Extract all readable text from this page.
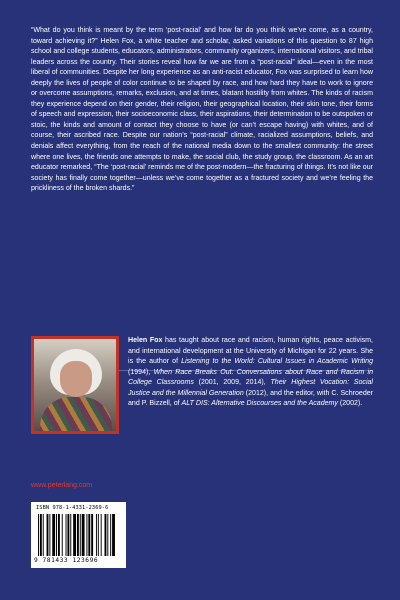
“What do you think is meant by the term ‘post-racial’ and how far do you think we’ve come, as a country, toward achieving it?” Helen Fox, a white teacher and scholar, asked variations of this question to 87 high school and college students, educators, administrators, community organizers, international visitors, and tribal leaders across the country. Their stories reveal how far we are from a “post-racial” ideal—even in the most liberal of communities. Despite her long experience as an anti-racist educator, Fox was surprised to learn how deeply the lives of people of color continue to be shaped by race, and how hard they have to work to ignore or overcome assumptions, remarks, exclusion, and at times, blatant hostility from whites. The kinds of racism they experience depend on their gender, their religion, their geographical location, their skin tone, their forms of speech and expression, their socioeconomic class, their aspirations, their determination to be outspoken or stoic, the kinds and amount of contact they choose to have (or can’t escape having) with whites, and of course, their ascribed race. Despite our nation’s “post-racial” climate, racialized assumptions, beliefs, and denials affect everything, from the reach of the national media down to the smallest community: the street where one lives, the friends one attempts to make, the social club, the study group, the classroom. As an art educator remarked, “The ‘post-racial’ reminds me of the post-modern—the fracturing of things. It’s not like our society has finally come together—unless we’ve come together as a fractured society and we’re feeling the prickliness of the broken shards.”

Helen Fox has taught about race and racism, human rights, peace activism, and international development at the University of Michigan for 22 years. She is the author of Listening to the World: Cultural Issues in Academic Writing (1994), When Race Breaks Out: Conversations about Race and Racism in College Classrooms (2001, 2009, 2014), Their Highest Vocation: Social Justice and the Millennial Generation (2012), and the editor, with C. Schroeder and P. Bizzell, of ALT DIS: Alternative Discourses and the Academy (2002).

www.peterlang.com
ISBN 978-1-4331-2369-6
9 781433 123696
